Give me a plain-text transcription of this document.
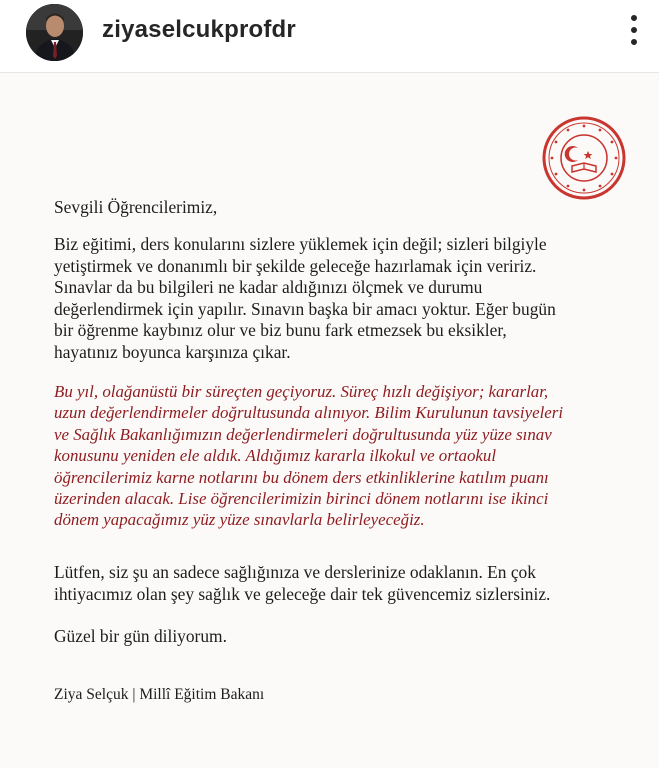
ziyaselcukprofdr
Sevgili Öğrencilerimiz,
Biz eğitimi, ders konularını sizlere yüklemek için değil; sizleri bilgiyle
yetiştirmek ve donanımlı bir şekilde geleceğe hazırlamak için veririz.
Sınavlar da bu bilgileri ne kadar aldığınızı ölçmek ve durumu
değerlendirmek için yapılır. Sınavın başka bir amacı yoktur. Eğer bugün
bir öğrenme kaybınız olur ve biz bunu fark etmezsek bu eksikler,
hayatınız boyunca karşınıza çıkar.
Bu yıl, olağanüstü bir süreçten geçiyoruz. Süreç hızlı değişiyor; kararlar,
uzun değerlendirmeler doğrultusunda alınıyor. Bilim Kurulunun tavsiyeleri
ve Sağlık Bakanlığımızın değerlendirmeleri doğrultusunda yüz yüze sınav
konusunu yeniden ele aldık. Aldığımız kararla ilkokul ve ortaokul
öğrencilerimiz karne notlarını bu dönem ders etkinliklerine katılım puanı
üzerinden alacak. Lise öğrencilerimizin birinci dönem notlarını ise ikinci
dönem yapacağımız yüz yüze sınavlarla belirleyeceğiz.
Lütfen, siz şu an sadece sağlığınıza ve derslerinize odaklanın. En çok
ihtiyacımız olan şey sağlık ve geleceğe dair tek güvencemiz sizlersiniz.
Güzel bir gün diliyorum.
Ziya Selçuk | Millî Eğitim Bakanı
